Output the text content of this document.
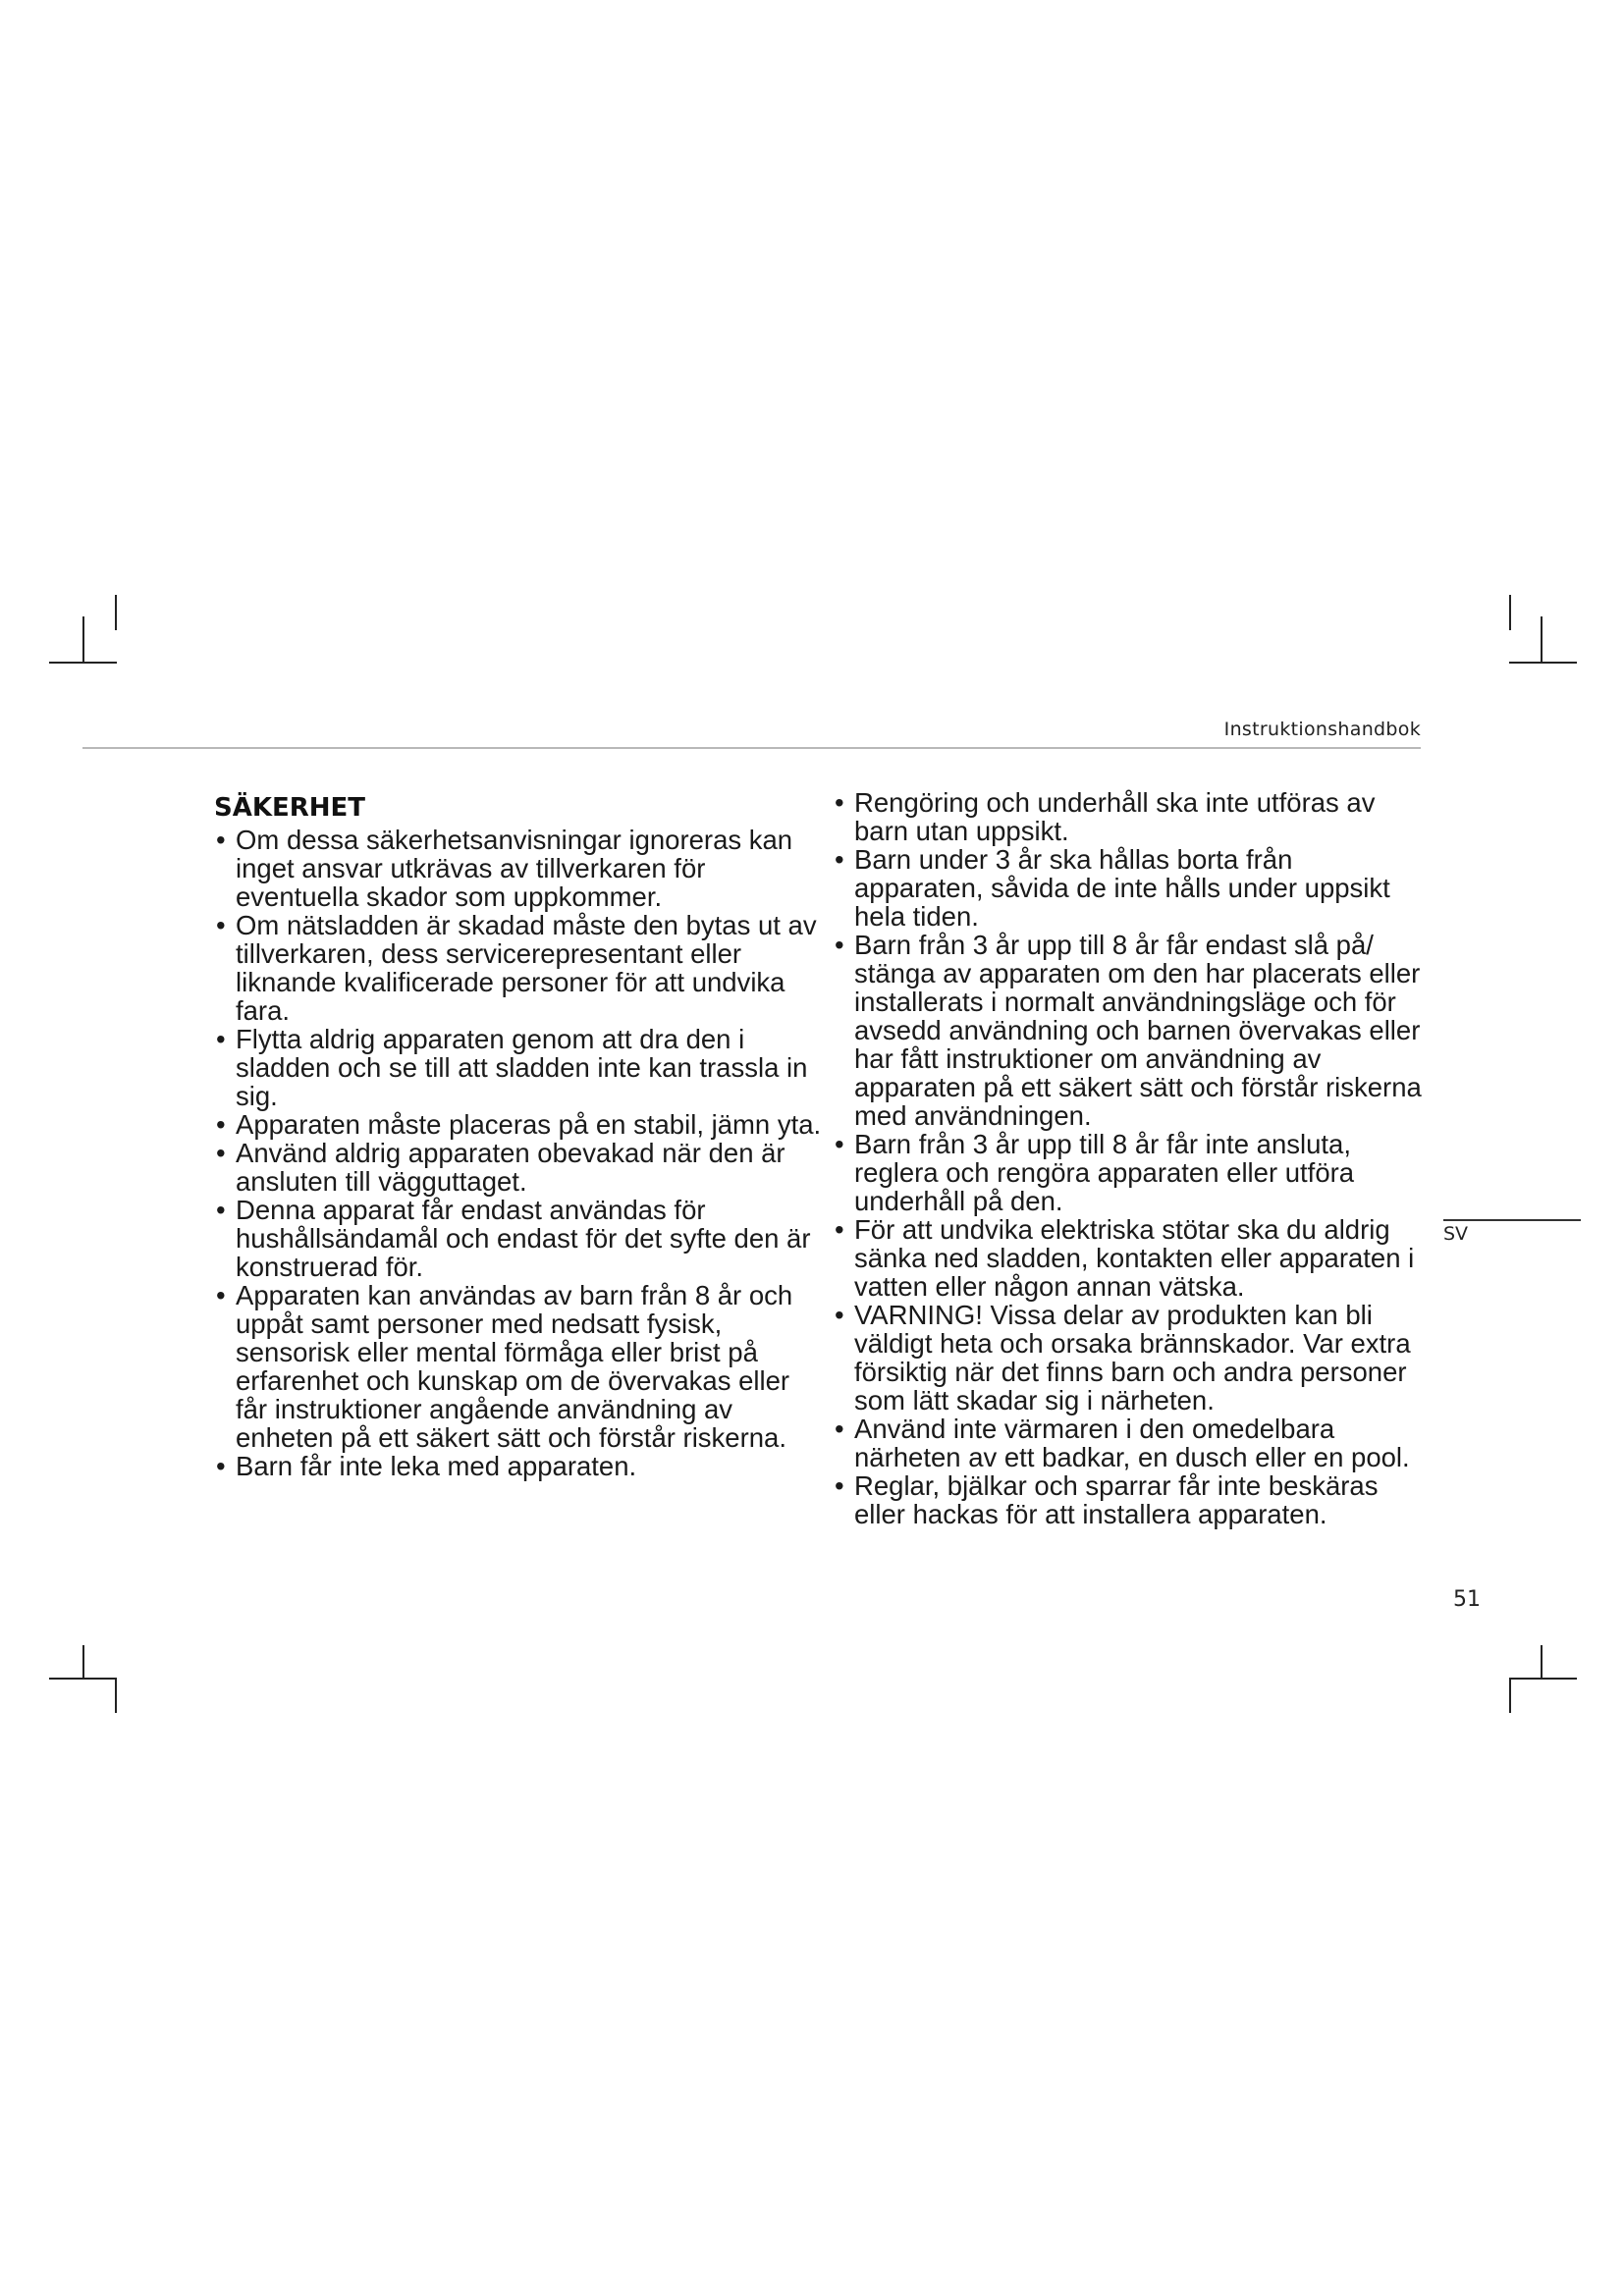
Instruktionshandbok
SÄKERHET
• Om dessa säkerhetsanvisningar ignoreras kan inget ansvar utkrävas av tillverkaren för eventuella skador som uppkommer.
• Om nätsladden är skadad måste den bytas ut av tillverkaren, dess servicerepresentant eller liknande kvalificerade personer för att undvika fara.
• Flytta aldrig apparaten genom att dra den i sladden och se till att sladden inte kan trassla in sig.
• Apparaten måste placeras på en stabil, jämn yta.
• Använd aldrig apparaten obevakad när den är ansluten till vägguttaget.
• Denna apparat får endast användas för hushållsändamål och endast för det syfte den är konstruerad för.
• Apparaten kan användas av barn från 8 år och uppåt samt personer med nedsatt fysisk, sensorisk eller mental förmåga eller brist på erfarenhet och kunskap om de övervakas eller får instruktioner angående användning av enheten på ett säkert sätt och förstår riskerna.
• Barn får inte leka med apparaten.
• Rengöring och underhåll ska inte utföras av barn utan uppsikt.
• Barn under 3 år ska hållas borta från apparaten, såvida de inte hålls under uppsikt hela tiden.
• Barn från 3 år upp till 8 år får endast slå på/ stänga av apparaten om den har placerats eller installerats i normalt användningsläge och för avsedd användning och barnen övervakas eller har fått instruktioner om användning av apparaten på ett säkert sätt och förstår riskerna med användningen.
• Barn från 3 år upp till 8 år får inte ansluta, reglera och rengöra apparaten eller utföra underhåll på den.
• För att undvika elektriska stötar ska du aldrig sänka ned sladden, kontakten eller apparaten i vatten eller någon annan vätska.
• VARNING! Vissa delar av produkten kan bli väldigt heta och orsaka brännskador. Var extra försiktig när det finns barn och andra personer som lätt skadar sig i närheten.
• Använd inte värmaren i den omedelbara närheten av ett badkar, en dusch eller en pool.
• Reglar, bjälkar och sparrar får inte beskäras eller hackas för att installera apparaten.
SV
51
